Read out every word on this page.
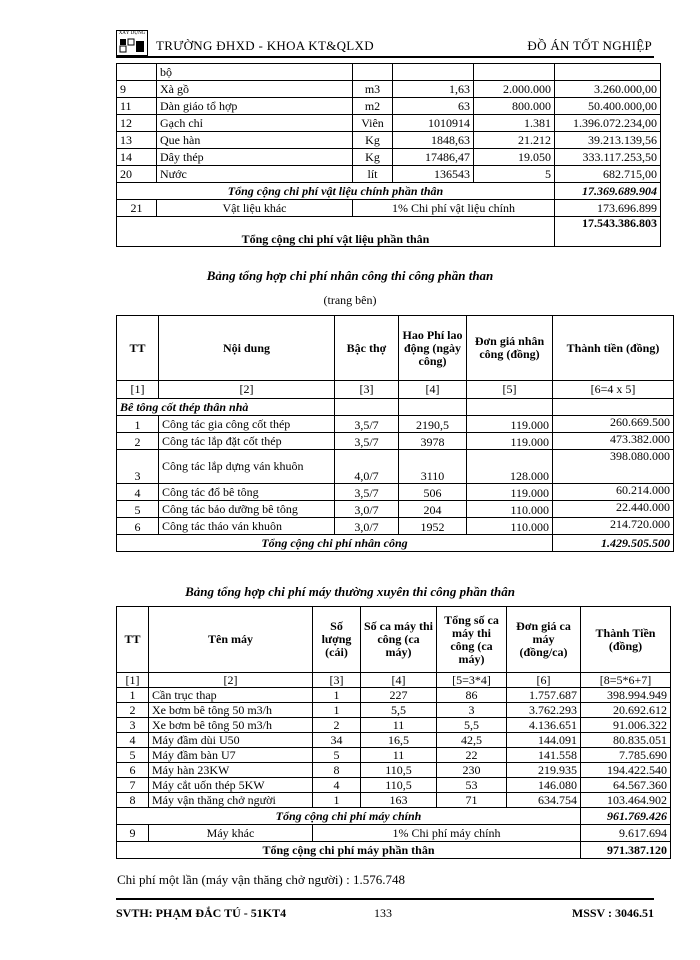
XÂY DỰNG
TRƯỜNG ĐHXD - KHOA KT&QLXD	ĐỒ ÁN TỐT NGHIỆP
	bộ				
9	Xà gồ	m3	1,63	2.000.000	3.260.000,00
11	Dàn giáo tổ hợp	m2	63	800.000	50.400.000,00
12	Gạch chỉ	Viên	1010914	1.381	1.396.072.234,00
13	Que hàn	Kg	1848,63	21.212	39.213.139,56
14	Dây thép	Kg	17486,47	19.050	333.117.253,50
20	Nước	lít	136543	5	682.715,00
Tổng cộng chi phí vật liệu chính phần thân					17.369.689.904
21	Vật liệu khác	1% Chi phí vật liệu chính			173.696.899
Tổng cộng chi phí vật liệu phần thân					17.543.386.803
Bảng tổng hợp chi phí nhân công thi công phần than
(trang bên)
TT	Nội dung	Bậc thợ	Hao Phí lao động (ngày công)	Đơn giá nhân công (đồng)	Thành tiền (đồng)
[1]	[2]	[3]	[4]	[5]	[6=4 x 5]
Bê tông cốt thép thân nhà					
1	Công tác gia công cốt thép	3,5/7	2190,5	119.000	260.669.500
2	Công tác lắp đặt cốt thép	3,5/7	3978	119.000	473.382.000
3	Công tác lắp dựng ván khuôn	4,0/7	3110	128.000	398.080.000
4	Công tác đổ bê tông	3,5/7	506	119.000	60.214.000
5	Công tác bảo dưỡng bê tông	3,0/7	204	110.000	22.440.000
6	Công tác tháo ván khuôn	3,0/7	1952	110.000	214.720.000
Tổng cộng chi phí nhân công					1.429.505.500
Bảng tổng hợp chi phí máy thường xuyên thi công phần thân
TT	Tên máy	Số lượng (cái)	Số ca máy thi công (ca máy)	Tổng số ca máy thi công (ca máy)	Đơn giá ca máy (đồng/ca)	Thành Tiền (đồng)
[1]	[2]	[3]	[4]	[5=3*4]	[6]	[8=5*6+7]
1	Cần trục thap	1	227	86	1.757.687	398.994.949
2	Xe bơm bê tông 50 m3/h	1	5,5	3	3.762.293	20.692.612
3	Xe bơm bê tông 50 m3/h	2	11	5,5	4.136.651	91.006.322
4	Máy đầm dùi U50	34	16,5	42,5	144.091	80.835.051
5	Máy đầm bàn U7	5	11	22	141.558	7.785.690
6	Máy hàn 23KW	8	110,5	230	219.935	194.422.540
7	Máy cắt uốn thép 5KW	4	110,5	53	146.080	64.567.360
8	Máy vận thăng chở người	1	163	71	634.754	103.464.902
Tổng cộng chi phí máy chính						961.769.426
9	Máy khác	1% Chi phí máy chính				9.617.694
Tổng cộng chi phí máy phần thân						971.387.120
Chi phí một lần (máy vận thăng chở người) : 1.576.748
SVTH: PHẠM ĐẮC TÚ - 51KT4	133	MSSV : 3046.51
